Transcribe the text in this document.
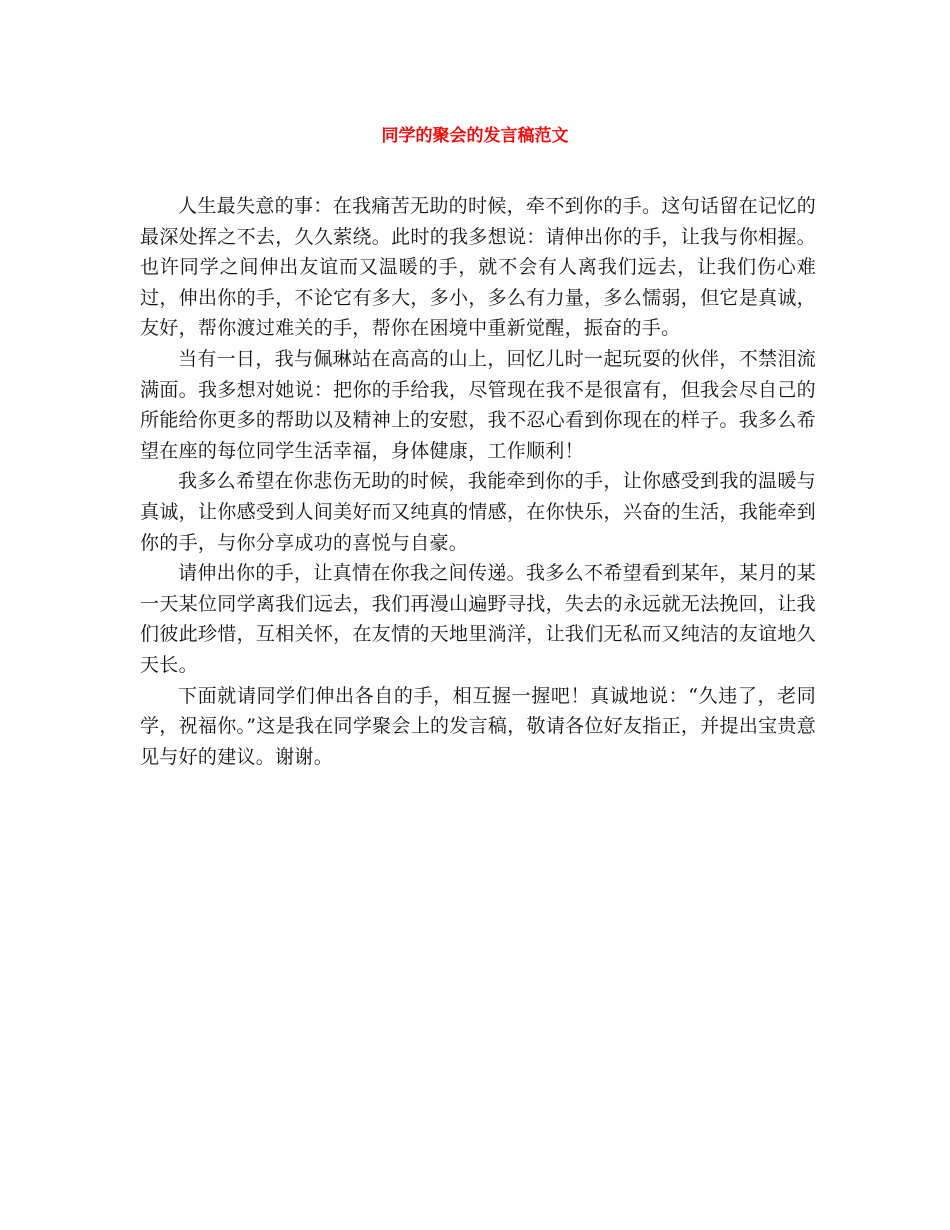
同学的聚会的发言稿范文

人生最失意的事：在我痛苦无助的时候，牵不到你的手。这句话留在记忆的最深处挥之不去，久久萦绕。此时的我多想说：请伸出你的手，让我与你相握。也许同学之间伸出友谊而又温暖的手，就不会有人离我们远去，让我们伤心难过，伸出你的手，不论它有多大，多小，多么有力量，多么懦弱，但它是真诚，友好，帮你渡过难关的手，帮你在困境中重新觉醒，振奋的手。

当有一日，我与佩琳站在高高的山上，回忆儿时一起玩耍的伙伴，不禁泪流满面。我多想对她说：把你的手给我，尽管现在我不是很富有，但我会尽自己的所能给你更多的帮助以及精神上的安慰，我不忍心看到你现在的样子。我多么希望在座的每位同学生活幸福，身体健康，工作顺利！

我多么希望在你悲伤无助的时候，我能牵到你的手，让你感受到我的温暖与真诚，让你感受到人间美好而又纯真的情感，在你快乐，兴奋的生活，我能牵到你的手，与你分享成功的喜悦与自豪。

请伸出你的手，让真情在你我之间传递。我多么不希望看到某年，某月的某一天某位同学离我们远去，我们再漫山遍野寻找，失去的永远就无法挽回，让我们彼此珍惜，互相关怀，在友情的天地里淌洋，让我们无私而又纯洁的友谊地久天长。

下面就请同学们伸出各自的手，相互握一握吧！真诚地说：“久违了，老同学，祝福你。”这是我在同学聚会上的发言稿，敬请各位好友指正，并提出宝贵意见与好的建议。谢谢。
